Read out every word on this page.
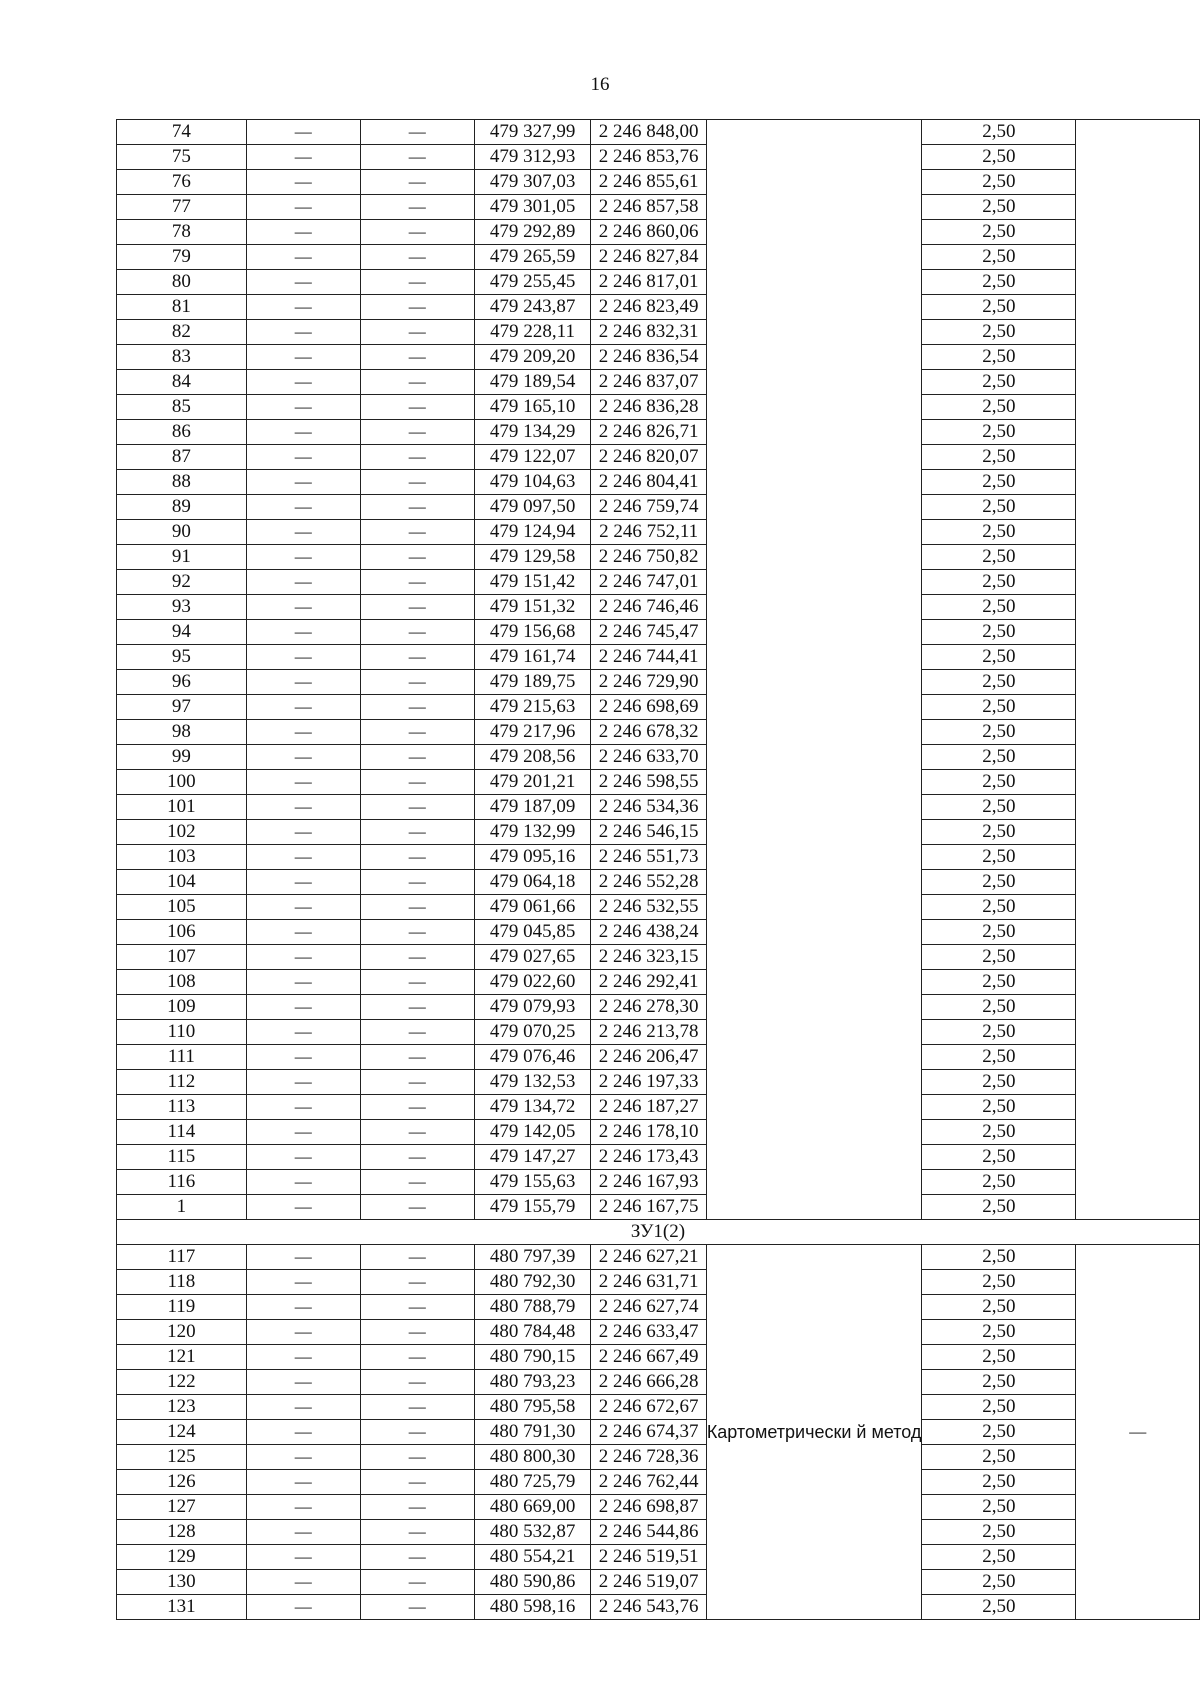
16
74	—	—	479 327,99	2 246 848,00		2,50	
75	—	—	479 312,93	2 246 853,76		2,50	
76	—	—	479 307,03	2 246 855,61		2,50	
77	—	—	479 301,05	2 246 857,58		2,50	
78	—	—	479 292,89	2 246 860,06		2,50	
79	—	—	479 265,59	2 246 827,84		2,50	
80	—	—	479 255,45	2 246 817,01		2,50	
81	—	—	479 243,87	2 246 823,49		2,50	
82	—	—	479 228,11	2 246 832,31		2,50	
83	—	—	479 209,20	2 246 836,54		2,50	
84	—	—	479 189,54	2 246 837,07		2,50	
85	—	—	479 165,10	2 246 836,28		2,50	
86	—	—	479 134,29	2 246 826,71		2,50	
87	—	—	479 122,07	2 246 820,07		2,50	
88	—	—	479 104,63	2 246 804,41		2,50	
89	—	—	479 097,50	2 246 759,74		2,50	
90	—	—	479 124,94	2 246 752,11		2,50	
91	—	—	479 129,58	2 246 750,82		2,50	
92	—	—	479 151,42	2 246 747,01		2,50	
93	—	—	479 151,32	2 246 746,46		2,50	
94	—	—	479 156,68	2 246 745,47		2,50	
95	—	—	479 161,74	2 246 744,41		2,50	
96	—	—	479 189,75	2 246 729,90		2,50	
97	—	—	479 215,63	2 246 698,69		2,50	
98	—	—	479 217,96	2 246 678,32		2,50	
99	—	—	479 208,56	2 246 633,70		2,50	
100	—	—	479 201,21	2 246 598,55		2,50	
101	—	—	479 187,09	2 246 534,36		2,50	
102	—	—	479 132,99	2 246 546,15		2,50	
103	—	—	479 095,16	2 246 551,73		2,50	
104	—	—	479 064,18	2 246 552,28		2,50	
105	—	—	479 061,66	2 246 532,55		2,50	
106	—	—	479 045,85	2 246 438,24		2,50	
107	—	—	479 027,65	2 246 323,15		2,50	
108	—	—	479 022,60	2 246 292,41		2,50	
109	—	—	479 079,93	2 246 278,30		2,50	
110	—	—	479 070,25	2 246 213,78		2,50	
111	—	—	479 076,46	2 246 206,47		2,50	
112	—	—	479 132,53	2 246 197,33		2,50	
113	—	—	479 134,72	2 246 187,27		2,50	
114	—	—	479 142,05	2 246 178,10		2,50	
115	—	—	479 147,27	2 246 173,43		2,50	
116	—	—	479 155,63	2 246 167,93		2,50	
1	—	—	479 155,79	2 246 167,75		2,50	
ЗУ1(2)							
117	—	—	480 797,39	2 246 627,21	Картометрически й метод	2,50	—
118	—	—	480 792,30	2 246 631,71		2,50	
119	—	—	480 788,79	2 246 627,74		2,50	
120	—	—	480 784,48	2 246 633,47		2,50	
121	—	—	480 790,15	2 246 667,49		2,50	
122	—	—	480 793,23	2 246 666,28		2,50	
123	—	—	480 795,58	2 246 672,67		2,50	
124	—	—	480 791,30	2 246 674,37		2,50	
125	—	—	480 800,30	2 246 728,36		2,50	
126	—	—	480 725,79	2 246 762,44		2,50	
127	—	—	480 669,00	2 246 698,87		2,50	
128	—	—	480 532,87	2 246 544,86		2,50	
129	—	—	480 554,21	2 246 519,51		2,50	
130	—	—	480 590,86	2 246 519,07		2,50	
131	—	—	480 598,16	2 246 543,76		2,50	
